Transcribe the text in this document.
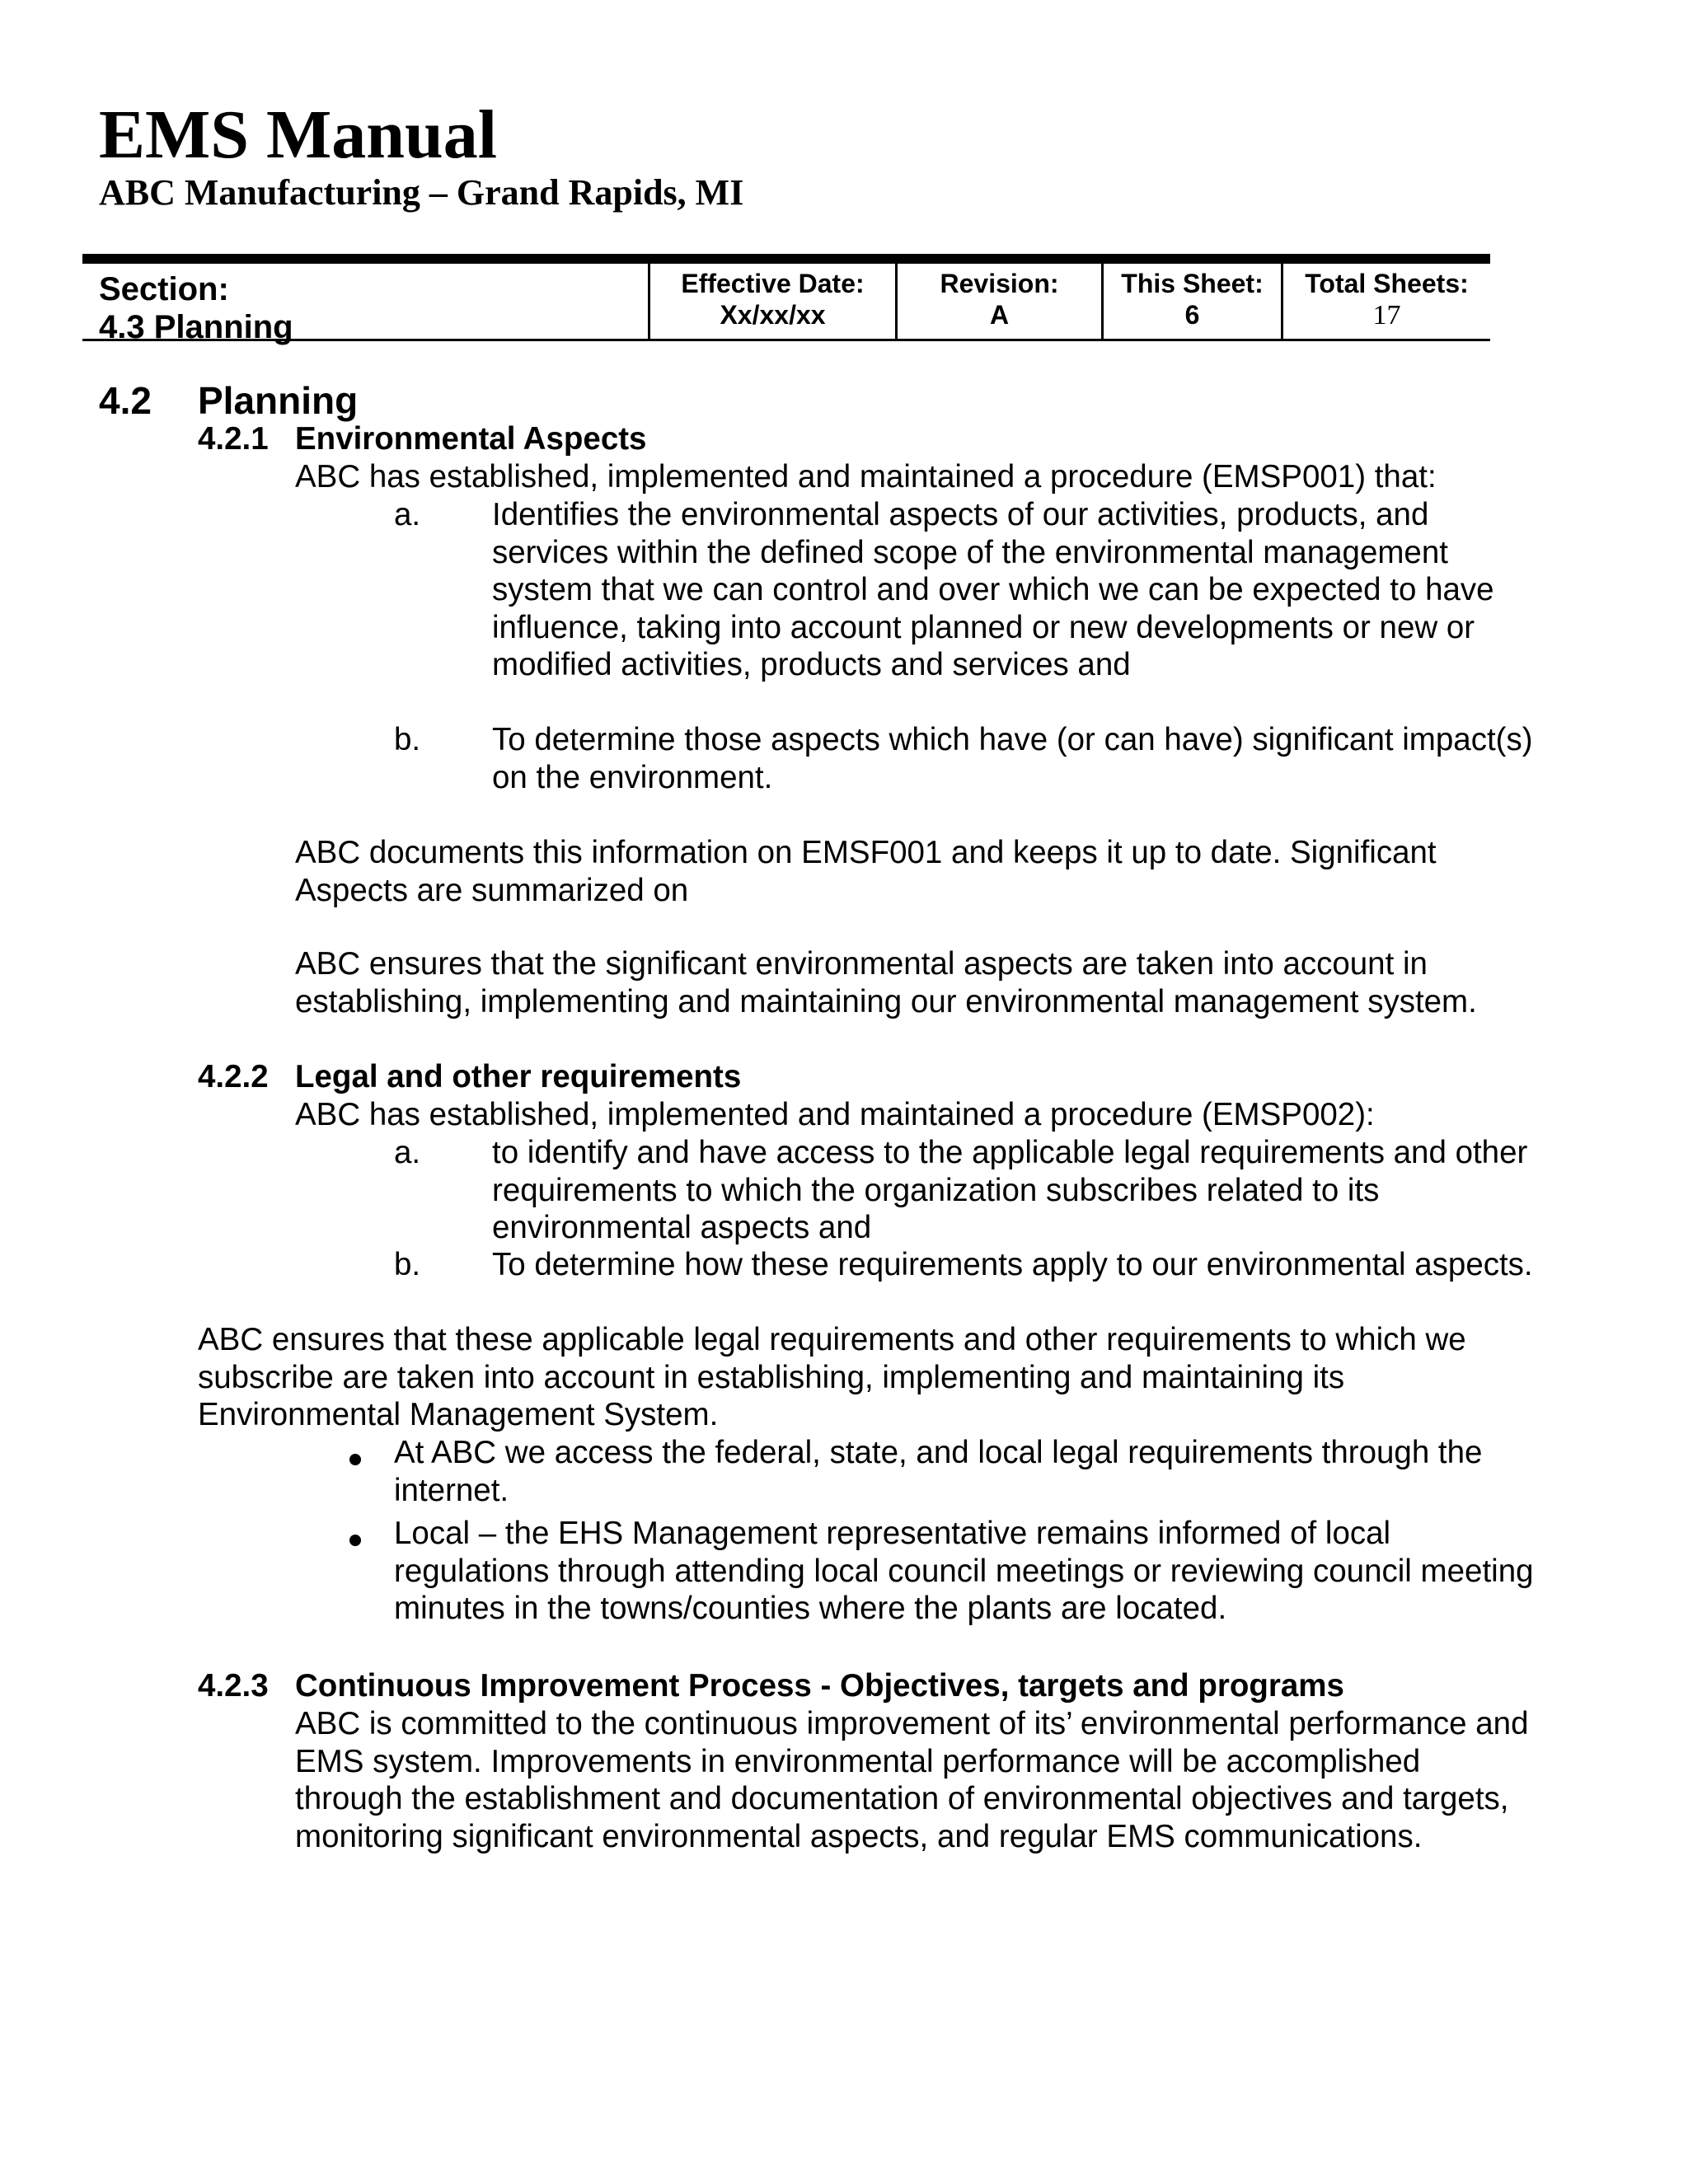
EMS Manual
ABC Manufacturing – Grand Rapids, MI
Section:
4.3 Planning
Effective Date:
Xx/xx/xx
Revision:
A
This Sheet:
6
Total Sheets:
17
4.2 Planning
4.2.1 Environmental Aspects
ABC has established, implemented and maintained a procedure (EMSP001) that:
a. Identifies the environmental aspects of our activities, products, and
services within the defined scope of the environmental management
system that we can control and over which we can be expected to have
influence, taking into account planned or new developments or new or
modified activities, products and services and
b. To determine those aspects which have (or can have) significant impact(s)
on the environment.
ABC documents this information on EMSF001 and keeps it up to date. Significant
Aspects are summarized on
ABC ensures that the significant environmental aspects are taken into account in
establishing, implementing and maintaining our environmental management system.
4.2.2 Legal and other requirements
ABC has established, implemented and maintained a procedure (EMSP002):
a. to identify and have access to the applicable legal requirements and other
requirements to which the organization subscribes related to its
environmental aspects and
b. To determine how these requirements apply to our environmental aspects.
ABC ensures that these applicable legal requirements and other requirements to which we
subscribe are taken into account in establishing, implementing and maintaining its
Environmental Management System.
At ABC we access the federal, state, and local legal requirements through the
internet.
Local – the EHS Management representative remains informed of local
regulations through attending local council meetings or reviewing council meeting
minutes in the towns/counties where the plants are located.
4.2.3 Continuous Improvement Process - Objectives, targets and programs
ABC is committed to the continuous improvement of its’ environmental performance and
EMS system. Improvements in environmental performance will be accomplished
through the establishment and documentation of environmental objectives and targets,
monitoring significant environmental aspects, and regular EMS communications.
